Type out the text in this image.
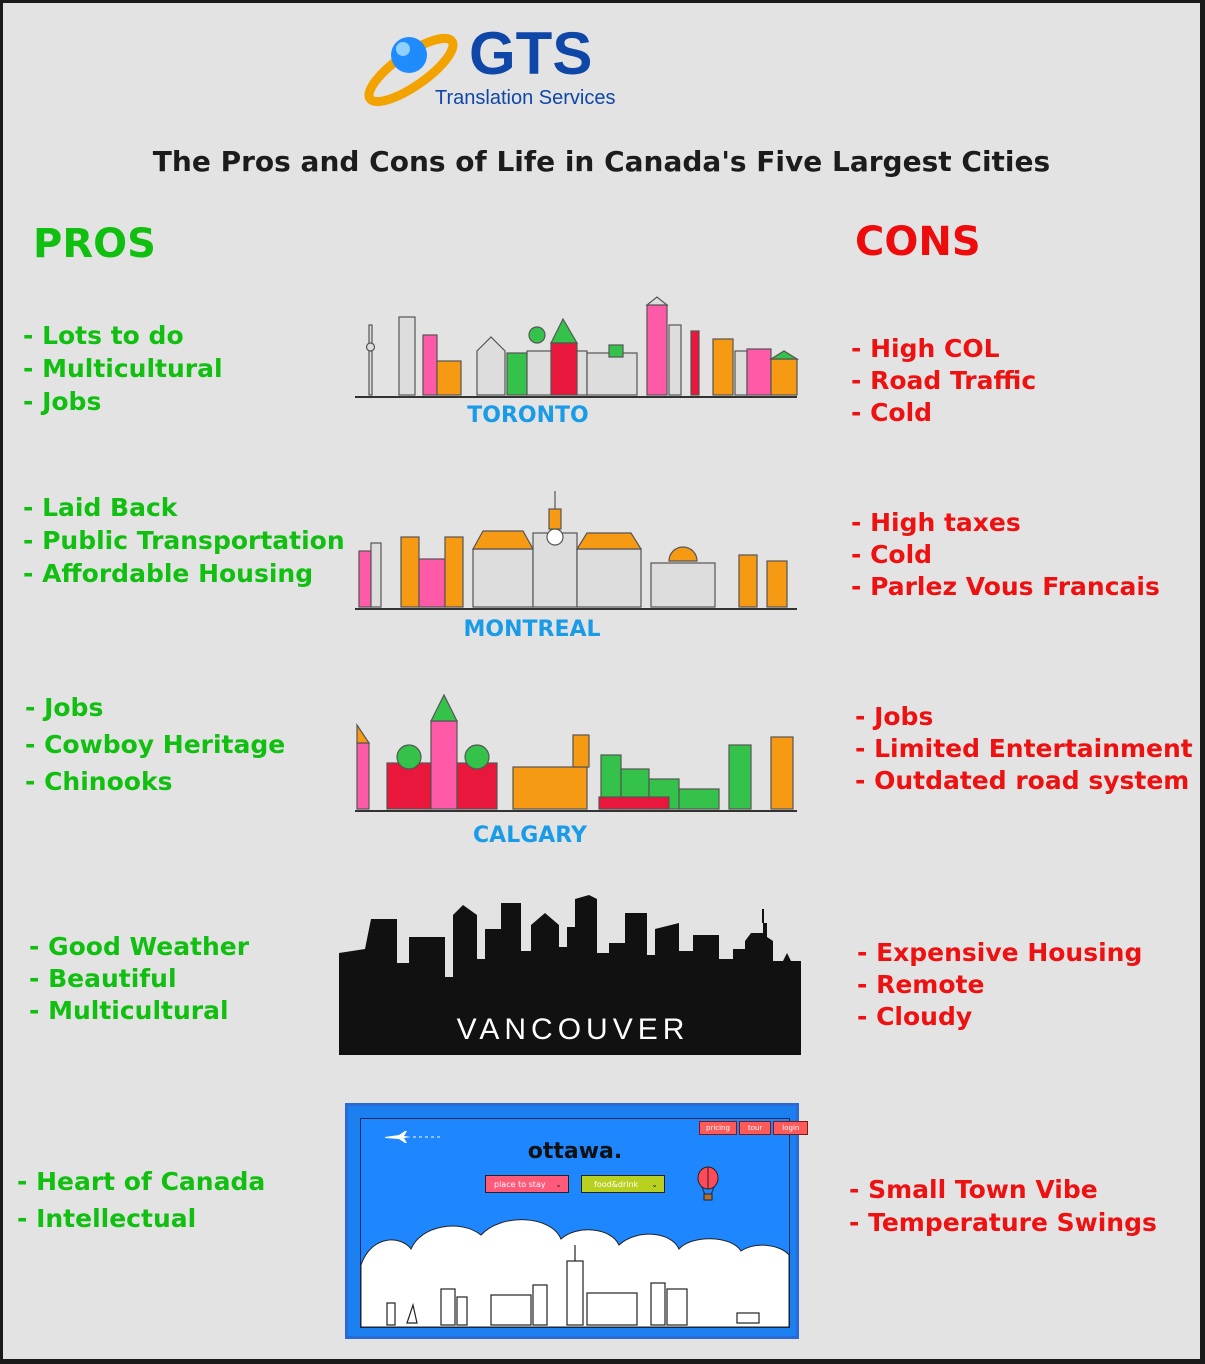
GTS
Translation Services
The Pros and Cons of Life in Canada's Five Largest Cities
PROS	CONS
- Lots to do
- Multicultural
- Jobs
- High COL
- Road Traffic
- Cold
TORONTO
- Laid Back
- Public Transportation
- Affordable Housing
- High taxes
- Cold
- Parlez Vous Francais
MONTREAL
- Jobs
- Cowboy Heritage
- Chinooks
- Jobs
- Limited Entertainment
- Outdated road system
CALGARY
- Good Weather
- Beautiful
- Multicultural
- Expensive Housing
- Remote
- Cloudy
VANCOUVER
- Heart of Canada
- Intellectual
- Small Town Vibe
- Temperature Swings
pricing	tour	login
ottawa.
place to stay ⌄	food&drink ⌄
